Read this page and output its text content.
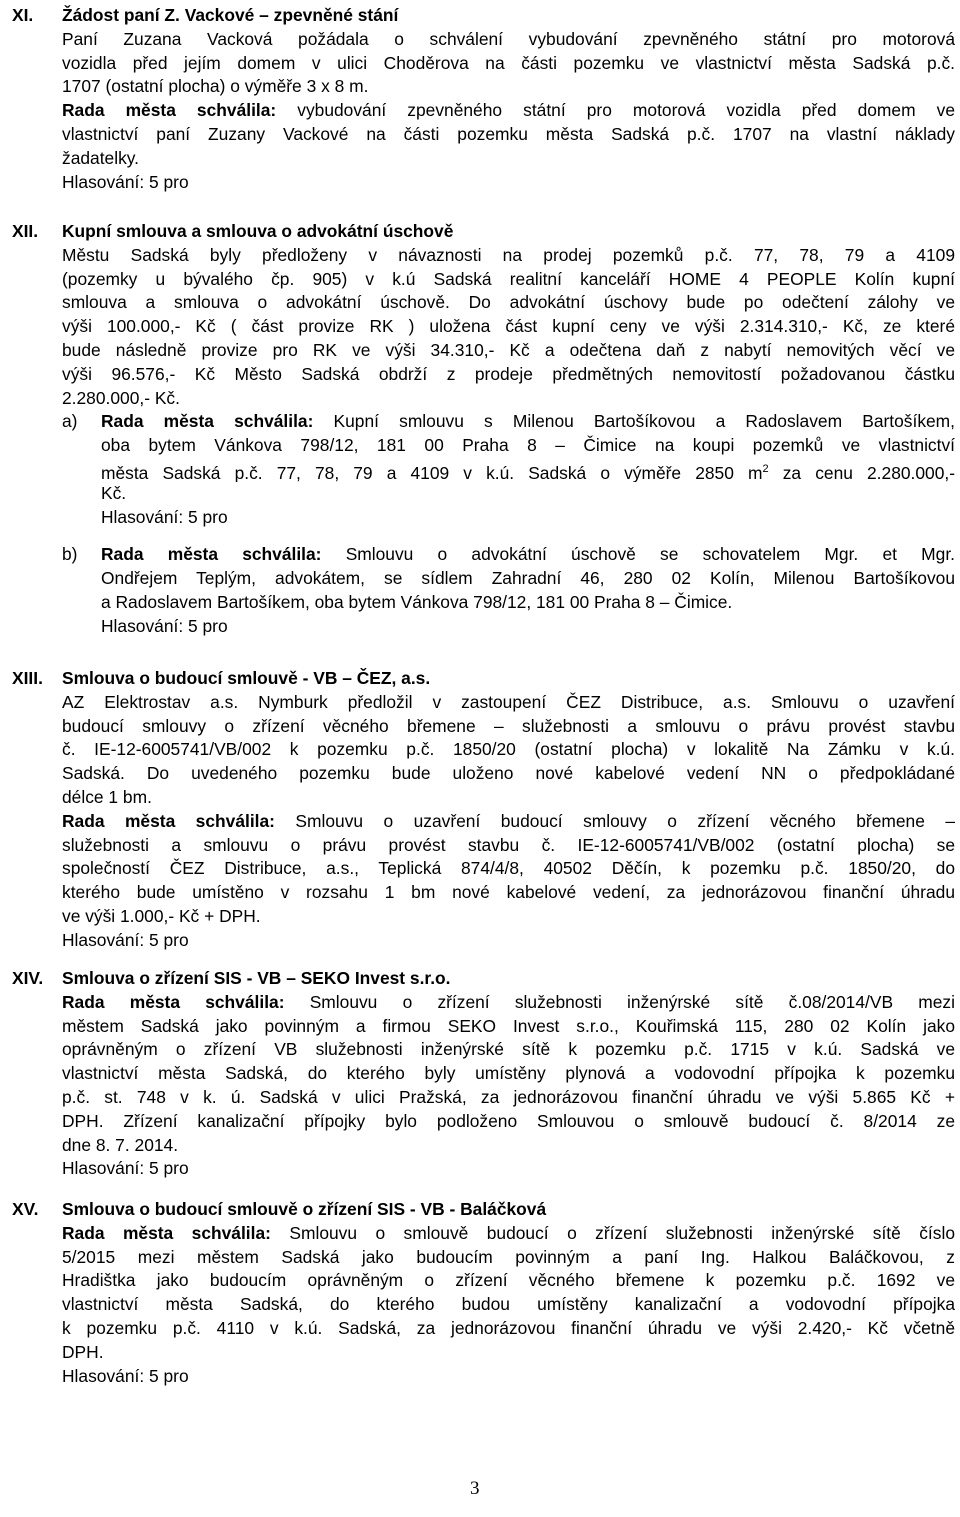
XI. Žádost paní Z. Vackové – zpevněné stání
Paní Zuzana Vacková požádala o schválení vybudování zpevněného státní pro motorová
vozidla před jejím domem v ulici Choděrova na části pozemku ve vlastnictví města Sadská p.č.
1707 (ostatní plocha) o výměře 3 x 8 m.
Rada města schválila: vybudování zpevněného státní pro motorová vozidla před domem ve
vlastnictví paní Zuzany Vackové na části pozemku města Sadská p.č. 1707 na vlastní náklady
žadatelky.
Hlasování: 5 pro
XII. Kupní smlouva a smlouva o advokátní úschově
Městu Sadská byly předloženy v návaznosti na prodej pozemků p.č. 77, 78, 79 a 4109
(pozemky u bývalého čp. 905) v k.ú Sadská realitní kanceláří HOME 4 PEOPLE Kolín kupní
smlouva a smlouva o advokátní úschově. Do advokátní úschovy bude po odečtení zálohy ve
výši 100.000,- Kč ( část provize RK ) uložena část kupní ceny ve výši 2.314.310,- Kč, ze které
bude následně provize pro RK ve výši 34.310,- Kč a odečtena daň z nabytí nemovitých věcí ve
výši 96.576,- Kč Město Sadská obdrží z prodeje předmětných nemovitostí požadovanou částku
2.280.000,- Kč.
a) Rada města schválila: Kupní smlouvu s Milenou Bartošíkovou a Radoslavem Bartošíkem,
oba bytem Vánkova 798/12, 181 00 Praha 8 – Čimice na koupi pozemků ve vlastnictví
města Sadská p.č. 77, 78, 79 a 4109 v k.ú. Sadská o výměře 2850 $m^2$ za cenu 2.280.000,-
Kč.
Hlasování: 5 pro
b) Rada města schválila: Smlouvu o advokátní úschově se schovatelem Mgr. et Mgr.
Ondřejem Teplým, advokátem, se sídlem Zahradní 46, 280 02 Kolín, Milenou Bartošíkovou
a Radoslavem Bartošíkem, oba bytem Vánkova 798/12, 181 00 Praha 8 – Čimice.
Hlasování: 5 pro
XIII. Smlouva o budoucí smlouvě - VB – ČEZ, a.s.
AZ Elektrostav a.s. Nymburk předložil v zastoupení ČEZ Distribuce, a.s. Smlouvu o uzavření
budoucí smlouvy o zřízení věcného břemene – služebnosti a smlouvu o právu provést stavbu
č. IE-12-6005741/VB/002 k pozemku p.č. 1850/20 (ostatní plocha) v lokalitě Na Zámku v k.ú.
Sadská. Do uvedeného pozemku bude uloženo nové kabelové vedení NN o předpokládané
délce 1 bm.
Rada města schválila: Smlouvu o uzavření budoucí smlouvy o zřízení věcného břemene –
služebnosti a smlouvu o právu provést stavbu č. IE-12-6005741/VB/002 (ostatní plocha) se
společností ČEZ Distribuce, a.s., Teplická 874/4/8, 40502 Děčín, k pozemku p.č. 1850/20, do
kterého bude umístěno v rozsahu 1 bm nové kabelové vedení, za jednorázovou finanční úhradu
ve výši 1.000,- Kč + DPH.
Hlasování: 5 pro
XIV. Smlouva o zřízení SIS - VB – SEKO Invest s.r.o.
Rada města schválila: Smlouvu o zřízení služebnosti inženýrské sítě č.08/2014/VB mezi
městem Sadská jako povinným a firmou SEKO Invest s.r.o., Kouřimská 115, 280 02 Kolín jako
oprávněným o zřízení VB služebnosti inženýrské sítě k pozemku p.č. 1715 v k.ú. Sadská ve
vlastnictví města Sadská, do kterého byly umístěny plynová a vodovodní přípojka k pozemku
p.č. st. 748 v k. ú. Sadská v ulici Pražská, za jednorázovou finanční úhradu ve výši 5.865 Kč +
DPH. Zřízení kanalizační přípojky bylo podloženo Smlouvou o smlouvě budoucí č. 8/2014 ze
dne 8. 7. 2014.
Hlasování: 5 pro
XV. Smlouva o budoucí smlouvě o zřízení SIS - VB - Baláčková
Rada města schválila: Smlouvu o smlouvě budoucí o zřízení služebnosti inženýrské sítě číslo
5/2015 mezi městem Sadská jako budoucím povinným a paní Ing. Halkou Baláčkovou, z
Hradištka jako budoucím oprávněným o zřízení věcného břemene k pozemku p.č. 1692 ve
vlastnictví města Sadská, do kterého budou umístěny kanalizační a vodovodní přípojka
k pozemku p.č. 4110 v k.ú. Sadská, za jednorázovou finanční úhradu ve výši 2.420,- Kč včetně
DPH.
Hlasování: 5 pro
3
